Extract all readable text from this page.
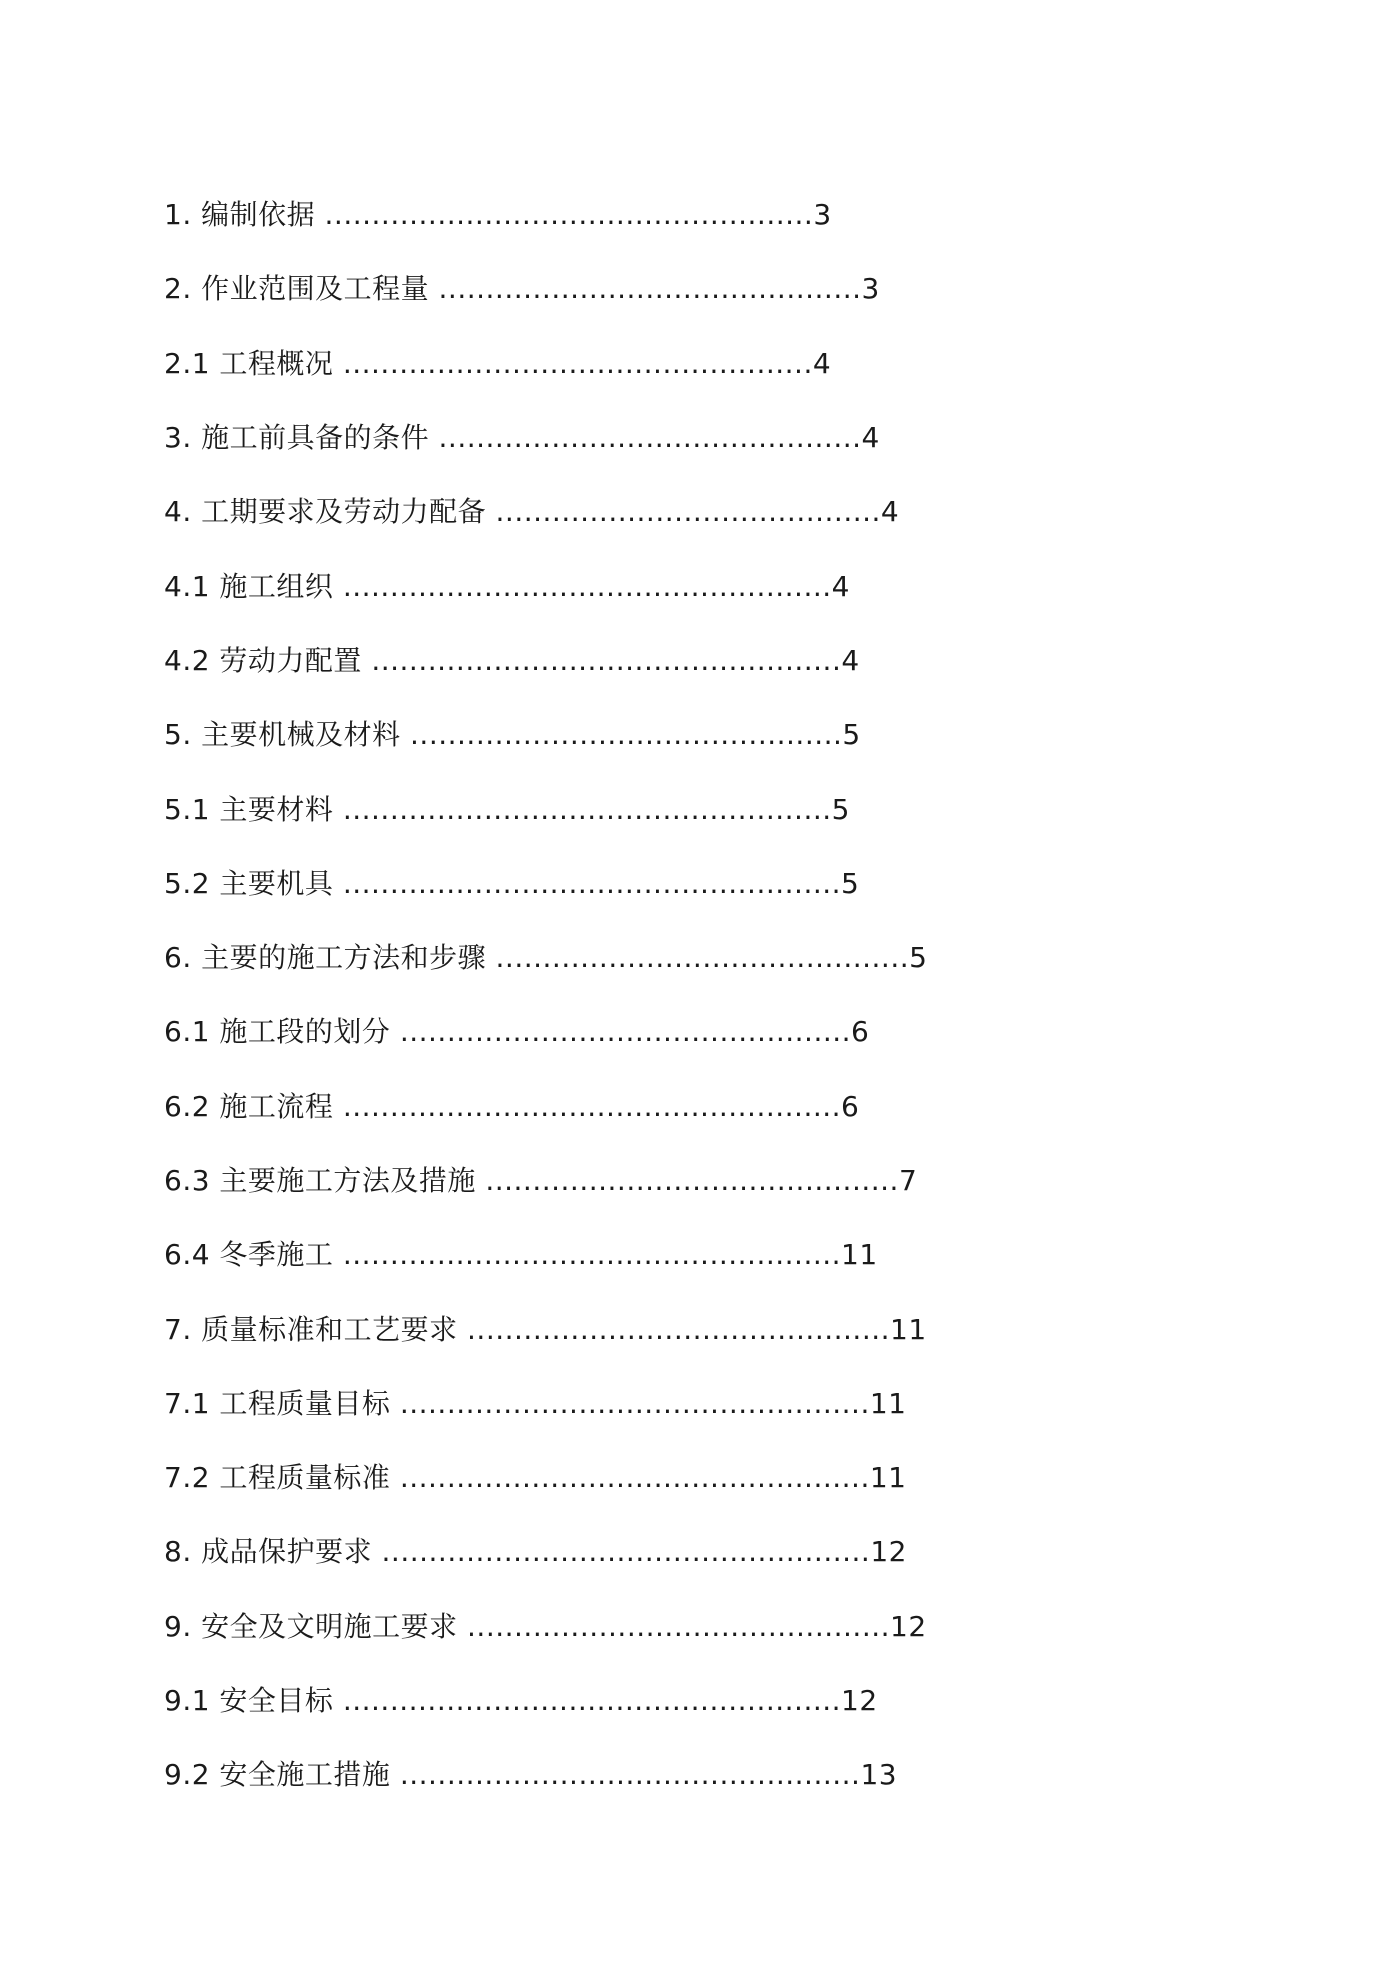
1. 编制依据 ....................................................3
2. 作业范围及工程量 .............................................3
2.1 工程概况 ..................................................4
3. 施工前具备的条件 .............................................4
4. 工期要求及劳动力配备 .........................................4
4.1 施工组织 ....................................................4
4.2 劳动力配置 ..................................................4
5. 主要机械及材料 ..............................................5
5.1 主要材料 ....................................................5
5.2 主要机具 .....................................................5
6. 主要的施工方法和步骤 ............................................5
6.1 施工段的划分 ................................................6
6.2 施工流程 .....................................................6
6.3 主要施工方法及措施 ............................................7
6.4 冬季施工 .....................................................11
7. 质量标准和工艺要求 .............................................11
7.1 工程质量目标 ..................................................11
7.2 工程质量标准 ..................................................11
8. 成品保护要求 ....................................................12
9. 安全及文明施工要求 .............................................12
9.1 安全目标 .....................................................12
9.2 安全施工措施 .................................................13
